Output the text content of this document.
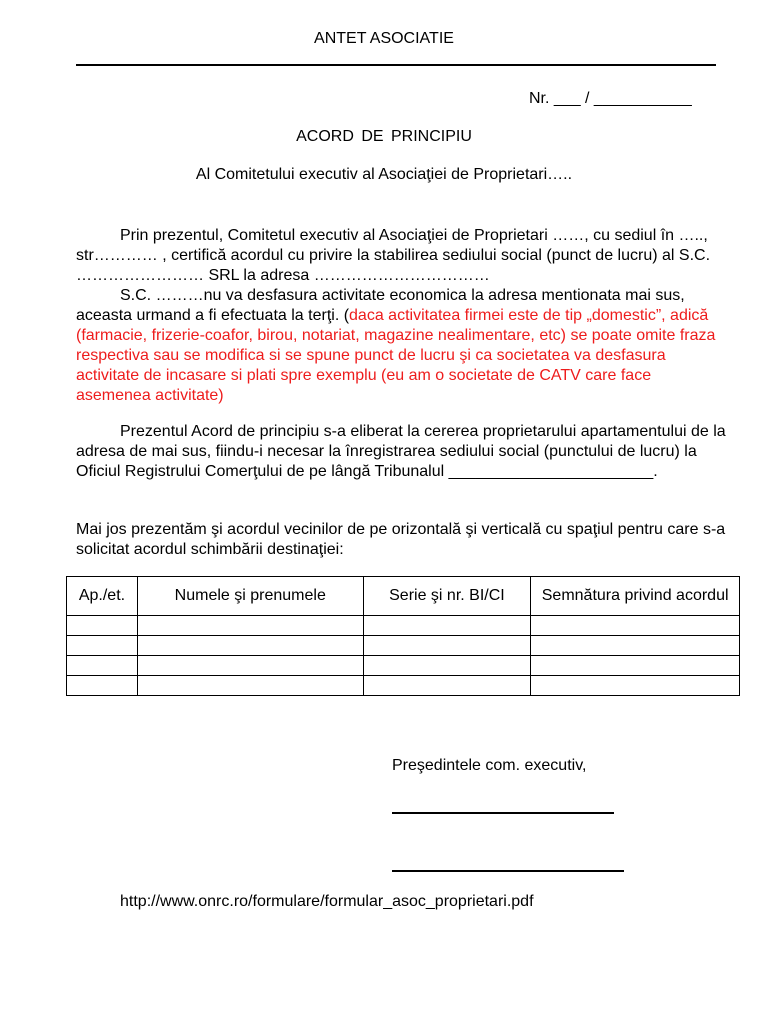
ANTET ASOCIATIE
Nr. ___ / ___________
ACORD DE PRINCIPIU
Al Comitetului executiv al Asociaţiei de Proprietari…..
Prin prezentul, Comitetul executiv al Asociaţiei de Proprietari ……, cu sediul în ….., str………… , certifică acordul cu privire la stabilirea sediului social (punct de lucru) al S.C. …………………… SRL la adresa ……………………………
S.C. ………nu va desfasura activitate economica la adresa mentionata mai sus, aceasta urmand a fi efectuata la terţi. (daca activitatea firmei este de tip „domestic”, adică (farmacie, frizerie-coafor, birou, notariat, magazine nealimentare, etc) se poate omite fraza respectiva sau se modifica si se spune punct de lucru şi ca societatea va desfasura activitate de incasare si plati spre exemplu (eu am o societate de CATV care face asemenea activitate)
Prezentul Acord de principiu s-a eliberat la cererea proprietarului apartamentului de la adresa de mai sus, fiindu-i necesar la înregistrarea sediului social (punctului de lucru) la Oficiul Registrului Comerţului de pe lângă Tribunalul _______________________.
Mai jos prezentăm şi acordul vecinilor de pe orizontală şi verticală cu spaţiul pentru care s-a solicitat acordul schimbării destinaţiei:
Ap./et.	Numele şi prenumele	Serie şi nr. BI/CI	Semnătura privind acordul

Preşedintele com. executiv,
http://www.onrc.ro/formulare/formular_asoc_proprietari.pdf
